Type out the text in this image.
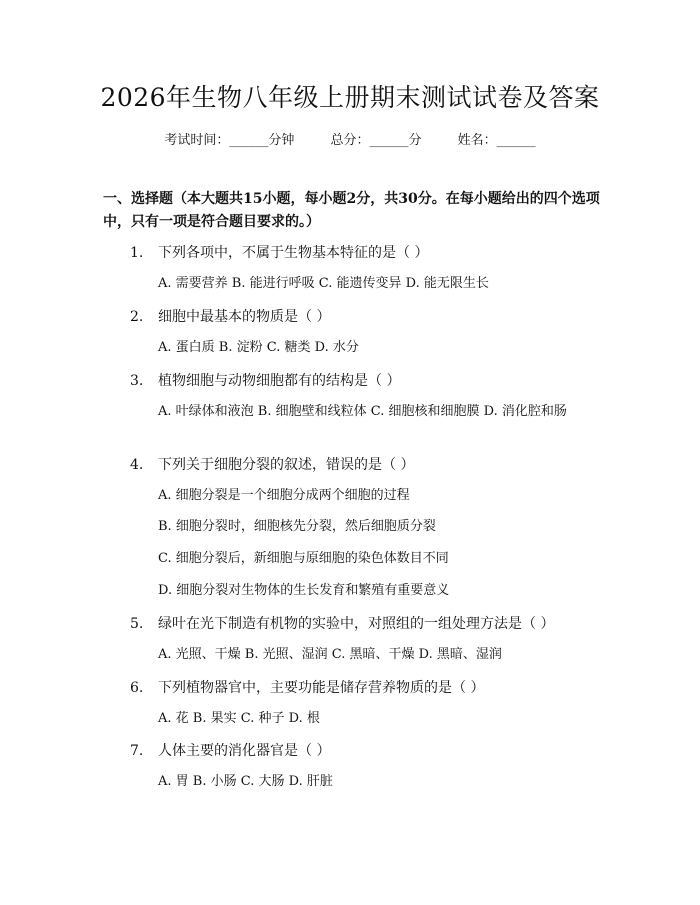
2026年生物八年级上册期末测试试卷及答案
考试时间：______分钟	总分：______分	姓名：______
一、选择题（本大题共15小题，每小题2分，共30分。在每小题给出的四个选项中，只有一项是符合题目要求的。）
1. 下列各项中，不属于生物基本特征的是（ ）
A. 需要营养 B. 能进行呼吸 C. 能遗传变异 D. 能无限生长
2. 细胞中最基本的物质是（ ）
A. 蛋白质 B. 淀粉 C. 糖类 D. 水分
3. 植物细胞与动物细胞都有的结构是（ ）
A. 叶绿体和液泡 B. 细胞壁和线粒体 C. 细胞核和细胞膜 D. 消化腔和肠
4. 下列关于细胞分裂的叙述，错误的是（ ）
A. 细胞分裂是一个细胞分成两个细胞的过程
B. 细胞分裂时，细胞核先分裂，然后细胞质分裂
C. 细胞分裂后，新细胞与原细胞的染色体数目不同
D. 细胞分裂对生物体的生长发育和繁殖有重要意义
5. 绿叶在光下制造有机物的实验中，对照组的一组处理方法是（ ）
A. 光照、干燥 B. 光照、湿润 C. 黑暗、干燥 D. 黑暗、湿润
6. 下列植物器官中，主要功能是储存营养物质的是（ ）
A. 花 B. 果实 C. 种子 D. 根
7. 人体主要的消化器官是（ ）
A. 胃 B. 小肠 C. 大肠 D. 肝脏
